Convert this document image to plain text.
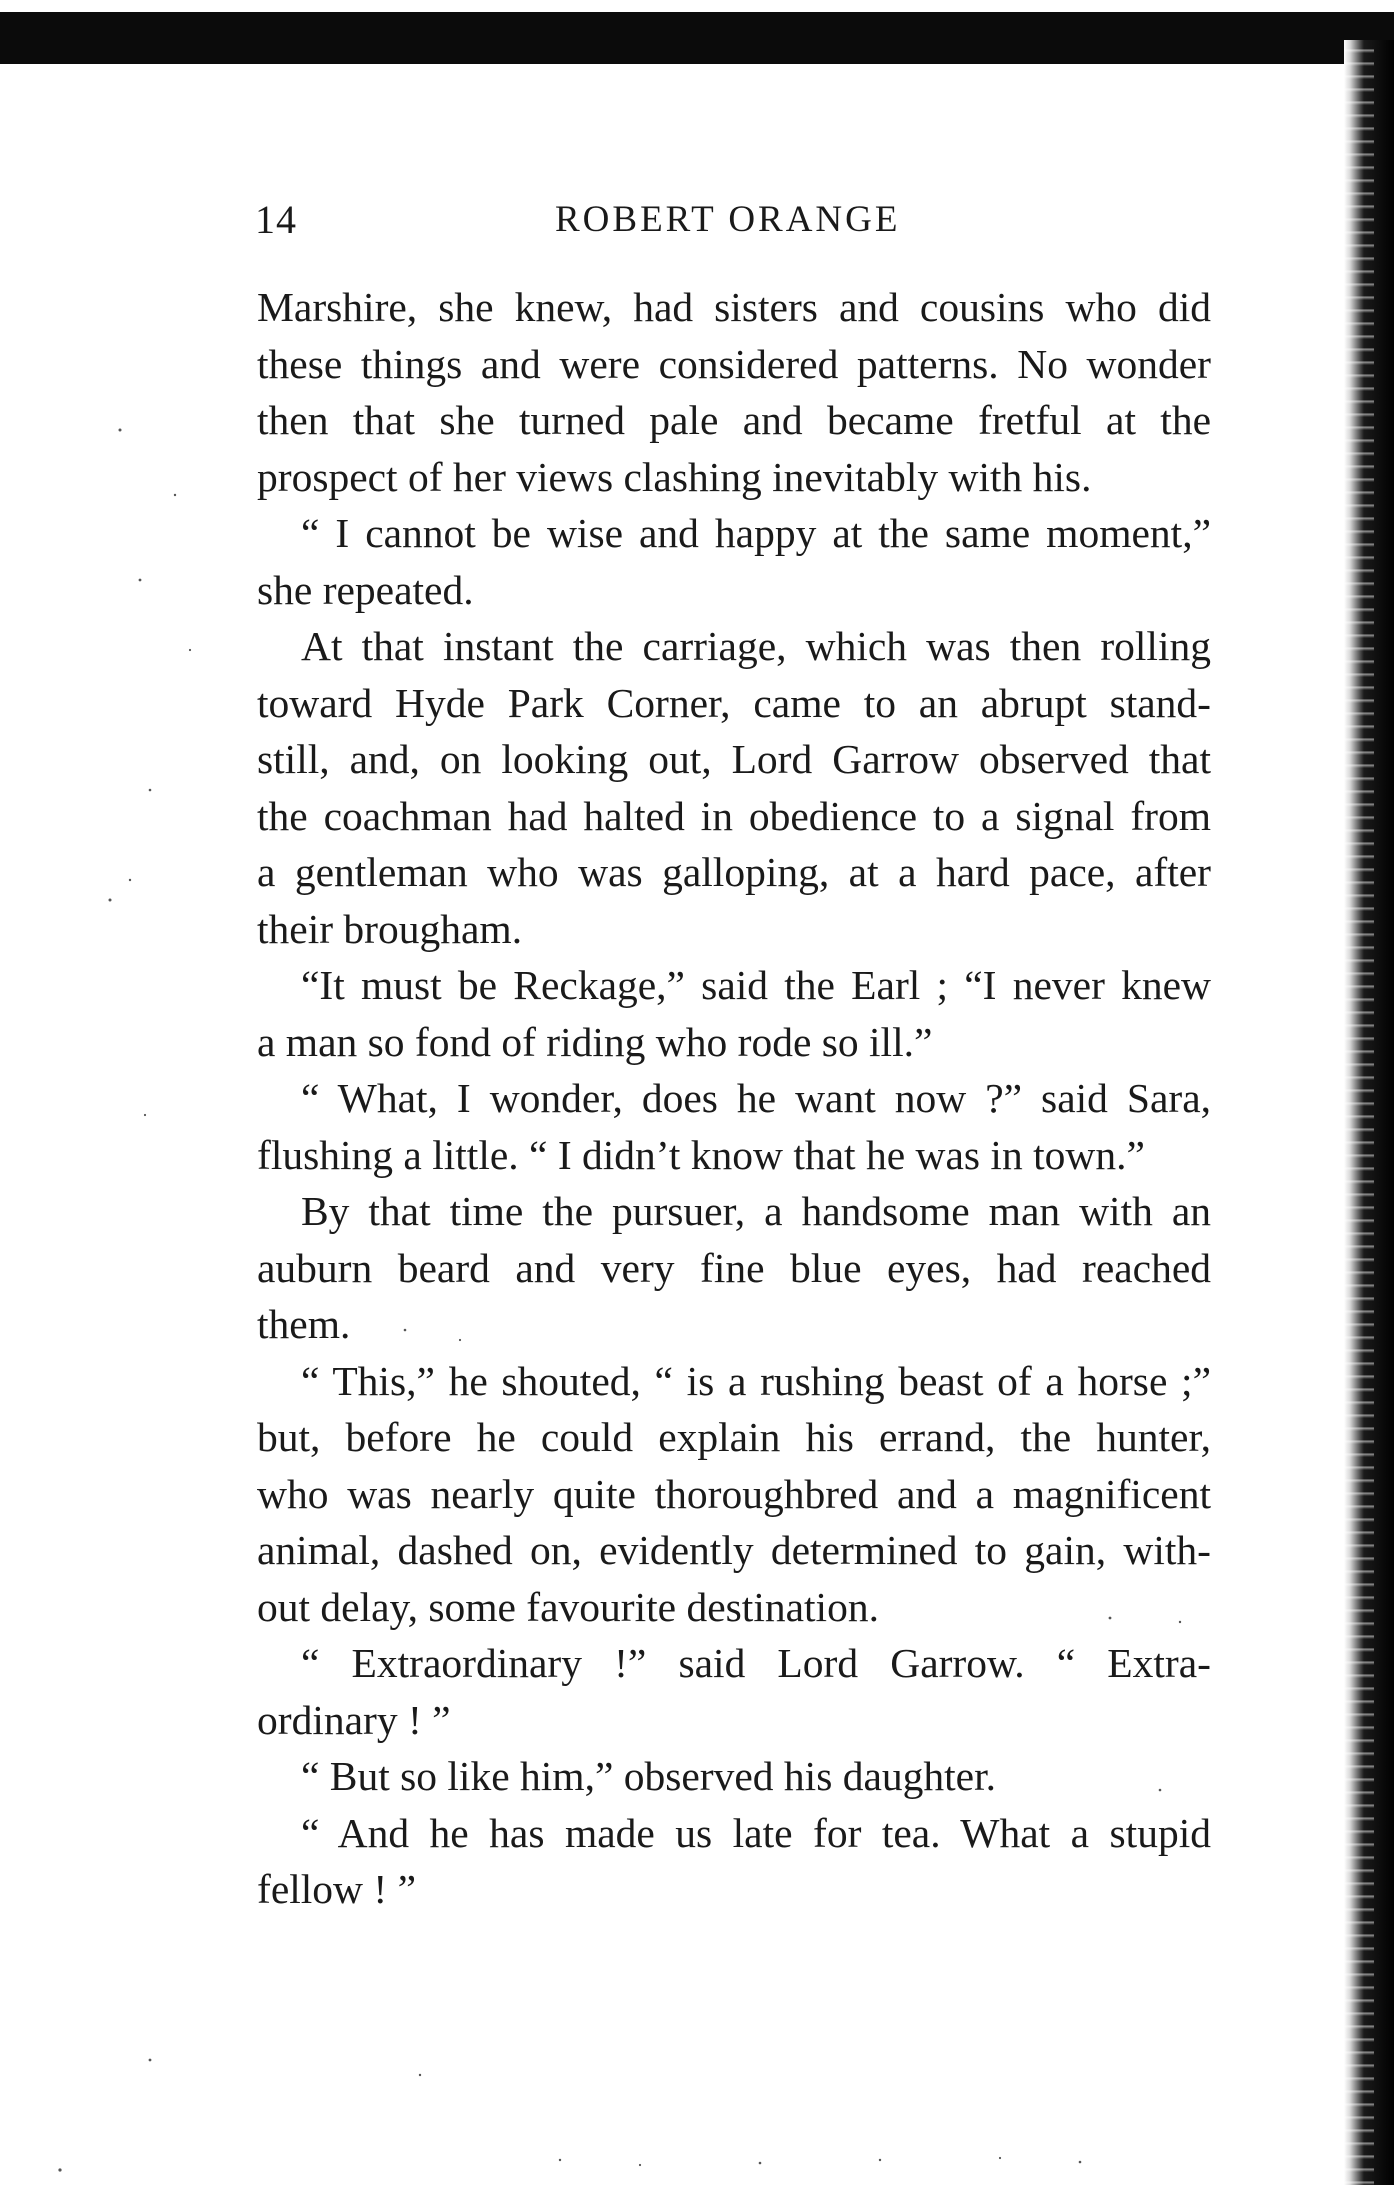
14	ROBERT ORANGE
Marshire, she knew, had sisters and cousins who did
these things and were considered patterns. No wonder
then that she turned pale and became fretful at the
prospect of her views clashing inevitably with his.
“ I cannot be wise and happy at the same moment,”
she repeated.
At that instant the carriage, which was then rolling
toward Hyde Park Corner, came to an abrupt stand-
still, and, on looking out, Lord Garrow observed that
the coachman had halted in obedience to a signal from
a gentleman who was galloping, at a hard pace, after
their brougham.
“It must be Reckage,” said the Earl ; “I never knew
a man so fond of riding who rode so ill.”
“ What, I wonder, does he want now ?” said Sara,
flushing a little. “ I didn’t know that he was in town.”
By that time the pursuer, a handsome man with an
auburn beard and very fine blue eyes, had reached
them.
“ This,” he shouted, “ is a rushing beast of a horse ;”
but, before he could explain his errand, the hunter,
who was nearly quite thoroughbred and a magnificent
animal, dashed on, evidently determined to gain, with-
out delay, some favourite destination.
“ Extraordinary !” said Lord Garrow. “ Extra-
ordinary ! ”
“ But so like him,” observed his daughter.
“ And he has made us late for tea. What a stupid
fellow ! ”
